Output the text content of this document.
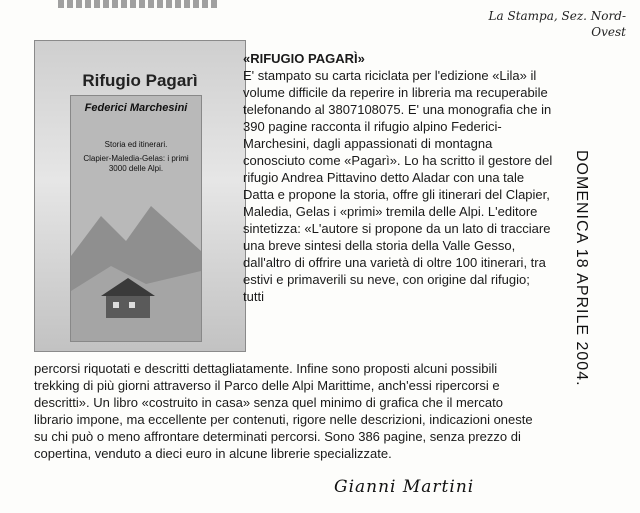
La Stampa, Sez. Nord-Ovest
Rifugio Pagarì
Federici Marchesini
Storia ed itinerari.
Clapier-Maledia-Gelas: i primi 3000 delle Alpi.

«RIFUGIO PAGARÌ»

E' stampato su carta riciclata per l'edizione «Lila» il volume difficile da reperire in libreria ma recuperabile telefonando al 3807108075. E' una monografia che in 390 pagine racconta il rifugio alpino Federici-Marchesini, dagli appassionati di montagna conosciuto come «Pagarì». Lo ha scritto il gestore del rifugio Andrea Pittavino detto Aladar con una tale Datta e propone la storia, offre gli itinerari del Clapier, Maledia, Gelas i «primi» tremila delle Alpi. L'editore sintetizza: «L'autore si propone da un lato di tracciare una breve sintesi della storia della Valle Gesso, dall'altro di offrire una varietà di oltre 100 itinerari, tra estivi e primaverili su neve, con origine dal rifugio; tutti

percorsi riquotati e descritti dettagliatamente. Infine sono proposti alcuni possibili trekking di più giorni attraverso il Parco delle Alpi Marittime, anch'essi ripercorsi e descritti». Un libro «costruito in casa» senza quel minimo di grafica che il mercato librario impone, ma eccellente per contenuti, rigore nelle descrizioni, indicazioni oneste su chi può o meno affrontare determinati percorsi. Sono 386 pagine, senza prezzo di copertina, venduto a dieci euro in alcune librerie specializzate.

Gianni Martini
DOMENICA 18 APRILE 2004.
